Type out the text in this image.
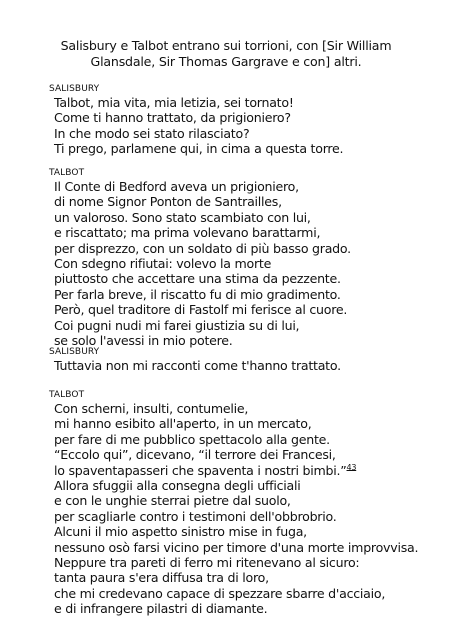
Salisbury e Talbot entrano sui torrioni, con [Sir William Glansdale, Sir Thomas Gargrave e con] altri.
SALISBURY
Talbot, mia vita, mia letizia, sei tornato!
Come ti hanno trattato, da prigioniero?
In che modo sei stato rilasciato?
Ti prego, parlamene qui, in cima a questa torre.
TALBOT
Il Conte di Bedford aveva un prigioniero,
di nome Signor Ponton de Santrailles,
un valoroso. Sono stato scambiato con lui,
e riscattato; ma prima volevano barattarmi,
per disprezzo, con un soldato di più basso grado.
Con sdegno rifiutai: volevo la morte
piuttosto che accettare una stima da pezzente.
Per farla breve, il riscatto fu di mio gradimento.
Però, quel traditore di Fastolf mi ferisce al cuore.
Coi pugni nudi mi farei giustizia su di lui,
se solo l'avessi in mio potere.
SALISBURY
Tuttavia non mi racconti come t'hanno trattato.
TALBOT
Con scherni, insulti, contumelie,
mi hanno esibito all'aperto, in un mercato,
per fare di me pubblico spettacolo alla gente.
“Eccolo qui”, dicevano, “il terrore dei Francesi,
lo spaventapasseri che spaventa i nostri bimbi.”$^{43}$
Allora sfuggii alla consegna degli ufficiali
e con le unghie sterrai pietre dal suolo,
per scagliarle contro i testimoni dell'obbrobrio.
Alcuni il mio aspetto sinistro mise in fuga,
nessuno osò farsi vicino per timore d'una morte improvvisa.
Neppure tra pareti di ferro mi ritenevano al sicuro:
tanta paura s'era diffusa tra di loro,
che mi credevano capace di spezzare sbarre d'acciaio,
e di infrangere pilastri di diamante.
